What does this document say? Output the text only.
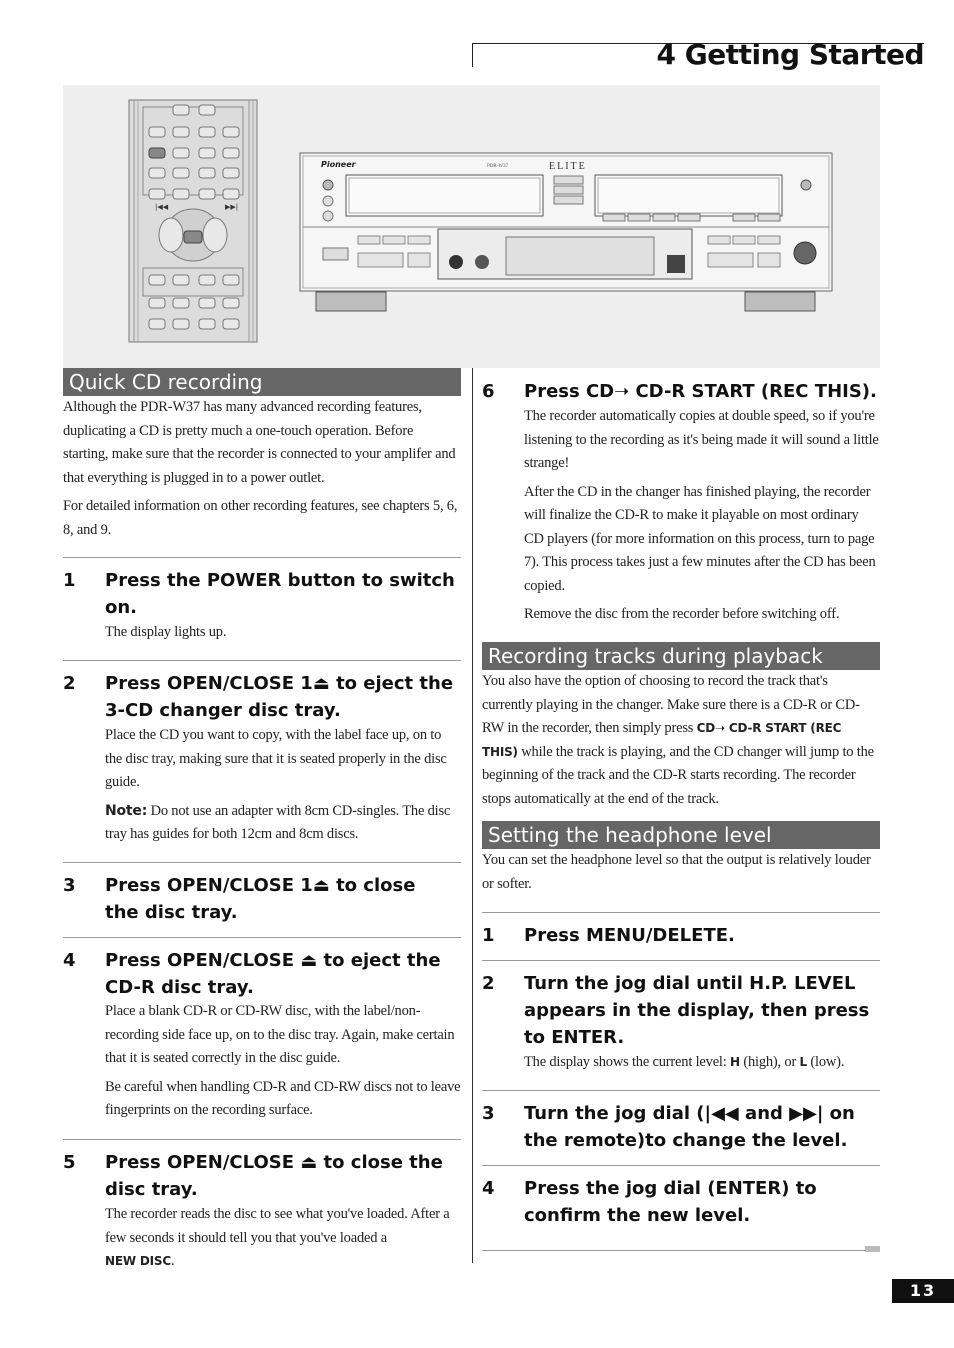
4 Getting Started
|◀◀	▶▶|
Pioneer	PDR-W37	ELITE
Quick CD recording

Although the PDR-W37 has many advanced recording features, duplicating a CD is pretty much a one-touch operation. Before starting, make sure that the recorder is connected to your amplifer and that everything is plugged in to a power outlet.

For detailed information on other recording features, see chapters 5, 6, 8, and 9.

1 Press the POWER button to switch on.

The display lights up.

2 Press OPEN/CLOSE 1⏏ to eject the 3-CD changer disc tray.

Place the CD you want to copy, with the label face up, on to the disc tray, making sure that it is seated properly in the disc guide.

Note: Do not use an adapter with 8cm CD-singles. The disc tray has guides for both 12cm and 8cm discs.

3 Press OPEN/CLOSE 1⏏ to close the disc tray.
4 Press OPEN/CLOSE ⏏ to eject the CD-R disc tray.

Place a blank CD-R or CD-RW disc, with the label/non-recording side face up, on to the disc tray. Again, make certain that it is seated correctly in the disc guide.

Be careful when handling CD-R and CD-RW discs not to leave fingerprints on the recording surface.

5 Press OPEN/CLOSE ⏏ to close the disc tray.

The recorder reads the disc to see what you've loaded. After a few seconds it should tell you that you've loaded a
NEW DISC.

6 Press CD➝ CD-R START (REC THIS).

The recorder automatically copies at double speed, so if you're listening to the recording as it's being made it will sound a little strange!

After the CD in the changer has finished playing, the recorder will finalize the CD-R to make it playable on most ordinary CD players (for more information on this process, turn to page 7). This process takes just a few minutes after the CD has been copied.

Remove the disc from the recorder before switching off.

Recording tracks during playback

You also have the option of choosing to record the track that's currently playing in the changer. Make sure there is a CD-R or CD-RW in the recorder, then simply press CD➝ CD-R START (REC THIS) while the track is playing, and the CD changer will jump to the beginning of the track and the CD-R starts recording. The recorder stops automatically at the end of the track.

Setting the headphone level

You can set the headphone level so that the output is relatively louder or softer.

1 Press MENU/DELETE.
2 Turn the jog dial until H.P. LEVEL appears in the display, then press to ENTER.

The display shows the current level: H (high), or L (low).

3 Turn the jog dial (|◀◀ and ▶▶| on the remote)to change the level.
4 Press the jog dial (ENTER) to confirm the new level.
13
